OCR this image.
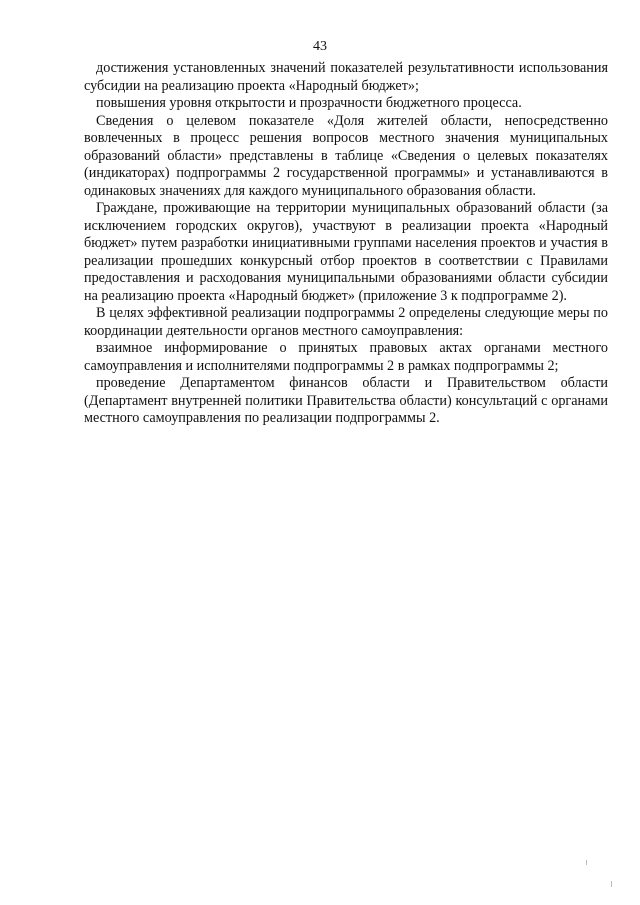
43

достижения установленных значений показателей результативности использования субсидии на реализацию проекта «Народный бюджет»;

повышения уровня открытости и прозрачности бюджетного процесса.

Сведения о целевом показателе «Доля жителей области, непосредственно вовлеченных в процесс решения вопросов местного значения муниципальных образований области» представлены в таблице «Сведения о целевых показателях (индикаторах) подпрограммы 2 государственной программы» и устанавливаются в одинаковых значениях для каждого муниципального образования области.

Граждане, проживающие на территории муниципальных образований области (за исключением городских округов), участвуют в реализации проекта «Народный бюджет» путем разработки инициативными группами населения проектов и участия в реализации прошедших конкурсный отбор проектов в соответствии с Правилами предоставления и расходования муниципальными образованиями области субсидии на реализацию проекта «Народный бюджет» (приложение 3 к подпрограмме 2).

В целях эффективной реализации подпрограммы 2 определены следующие меры по координации деятельности органов местного самоуправления:

взаимное информирование о принятых правовых актах органами местного самоуправления и исполнителями подпрограммы 2 в рамках подпрограммы 2;

проведение Департаментом финансов области и Правительством области (Департамент внутренней политики Правительства области) консультаций с органами местного самоуправления по реализации подпрограммы 2.
